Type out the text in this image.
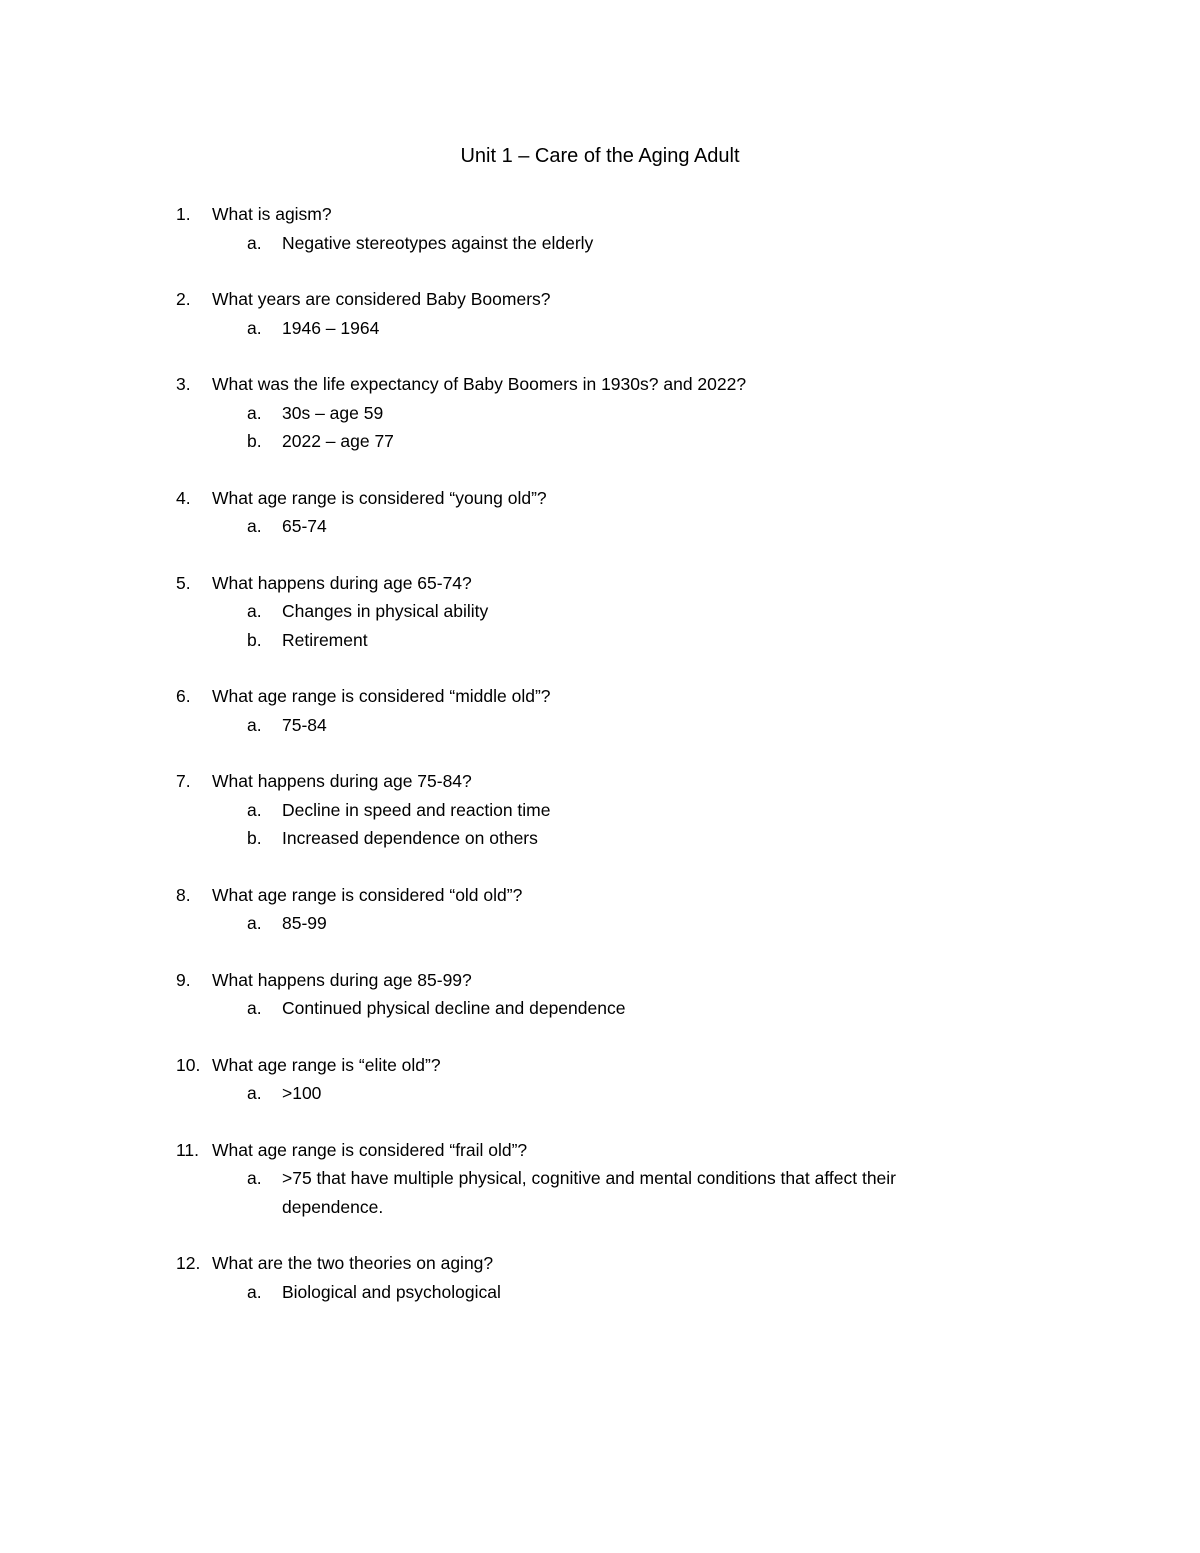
Unit 1 – Care of the Aging Adult
1.	What is agism?
a.	Negative stereotypes against the elderly
2.	What years are considered Baby Boomers?
a.	1946 – 1964
3.	What was the life expectancy of Baby Boomers in 1930s? and 2022?
a.	30s – age 59
b.	2022 – age 77
4.	What age range is considered “young old”?
a.	65-74
5.	What happens during age 65-74?
a.	Changes in physical ability
b.	Retirement
6.	What age range is considered “middle old”?
a.	75-84
7.	What happens during age 75-84?
a.	Decline in speed and reaction time
b.	Increased dependence on others
8.	What age range is considered “old old”?
a.	85-99
9.	What happens during age 85-99?
a.	Continued physical decline and dependence
10. What age range is “elite old”?
a.	>100
11. What age range is considered “frail old”?
a.	>75 that have multiple physical, cognitive and mental conditions that affect their dependence.
12. What are the two theories on aging?
a.	Biological and psychological
